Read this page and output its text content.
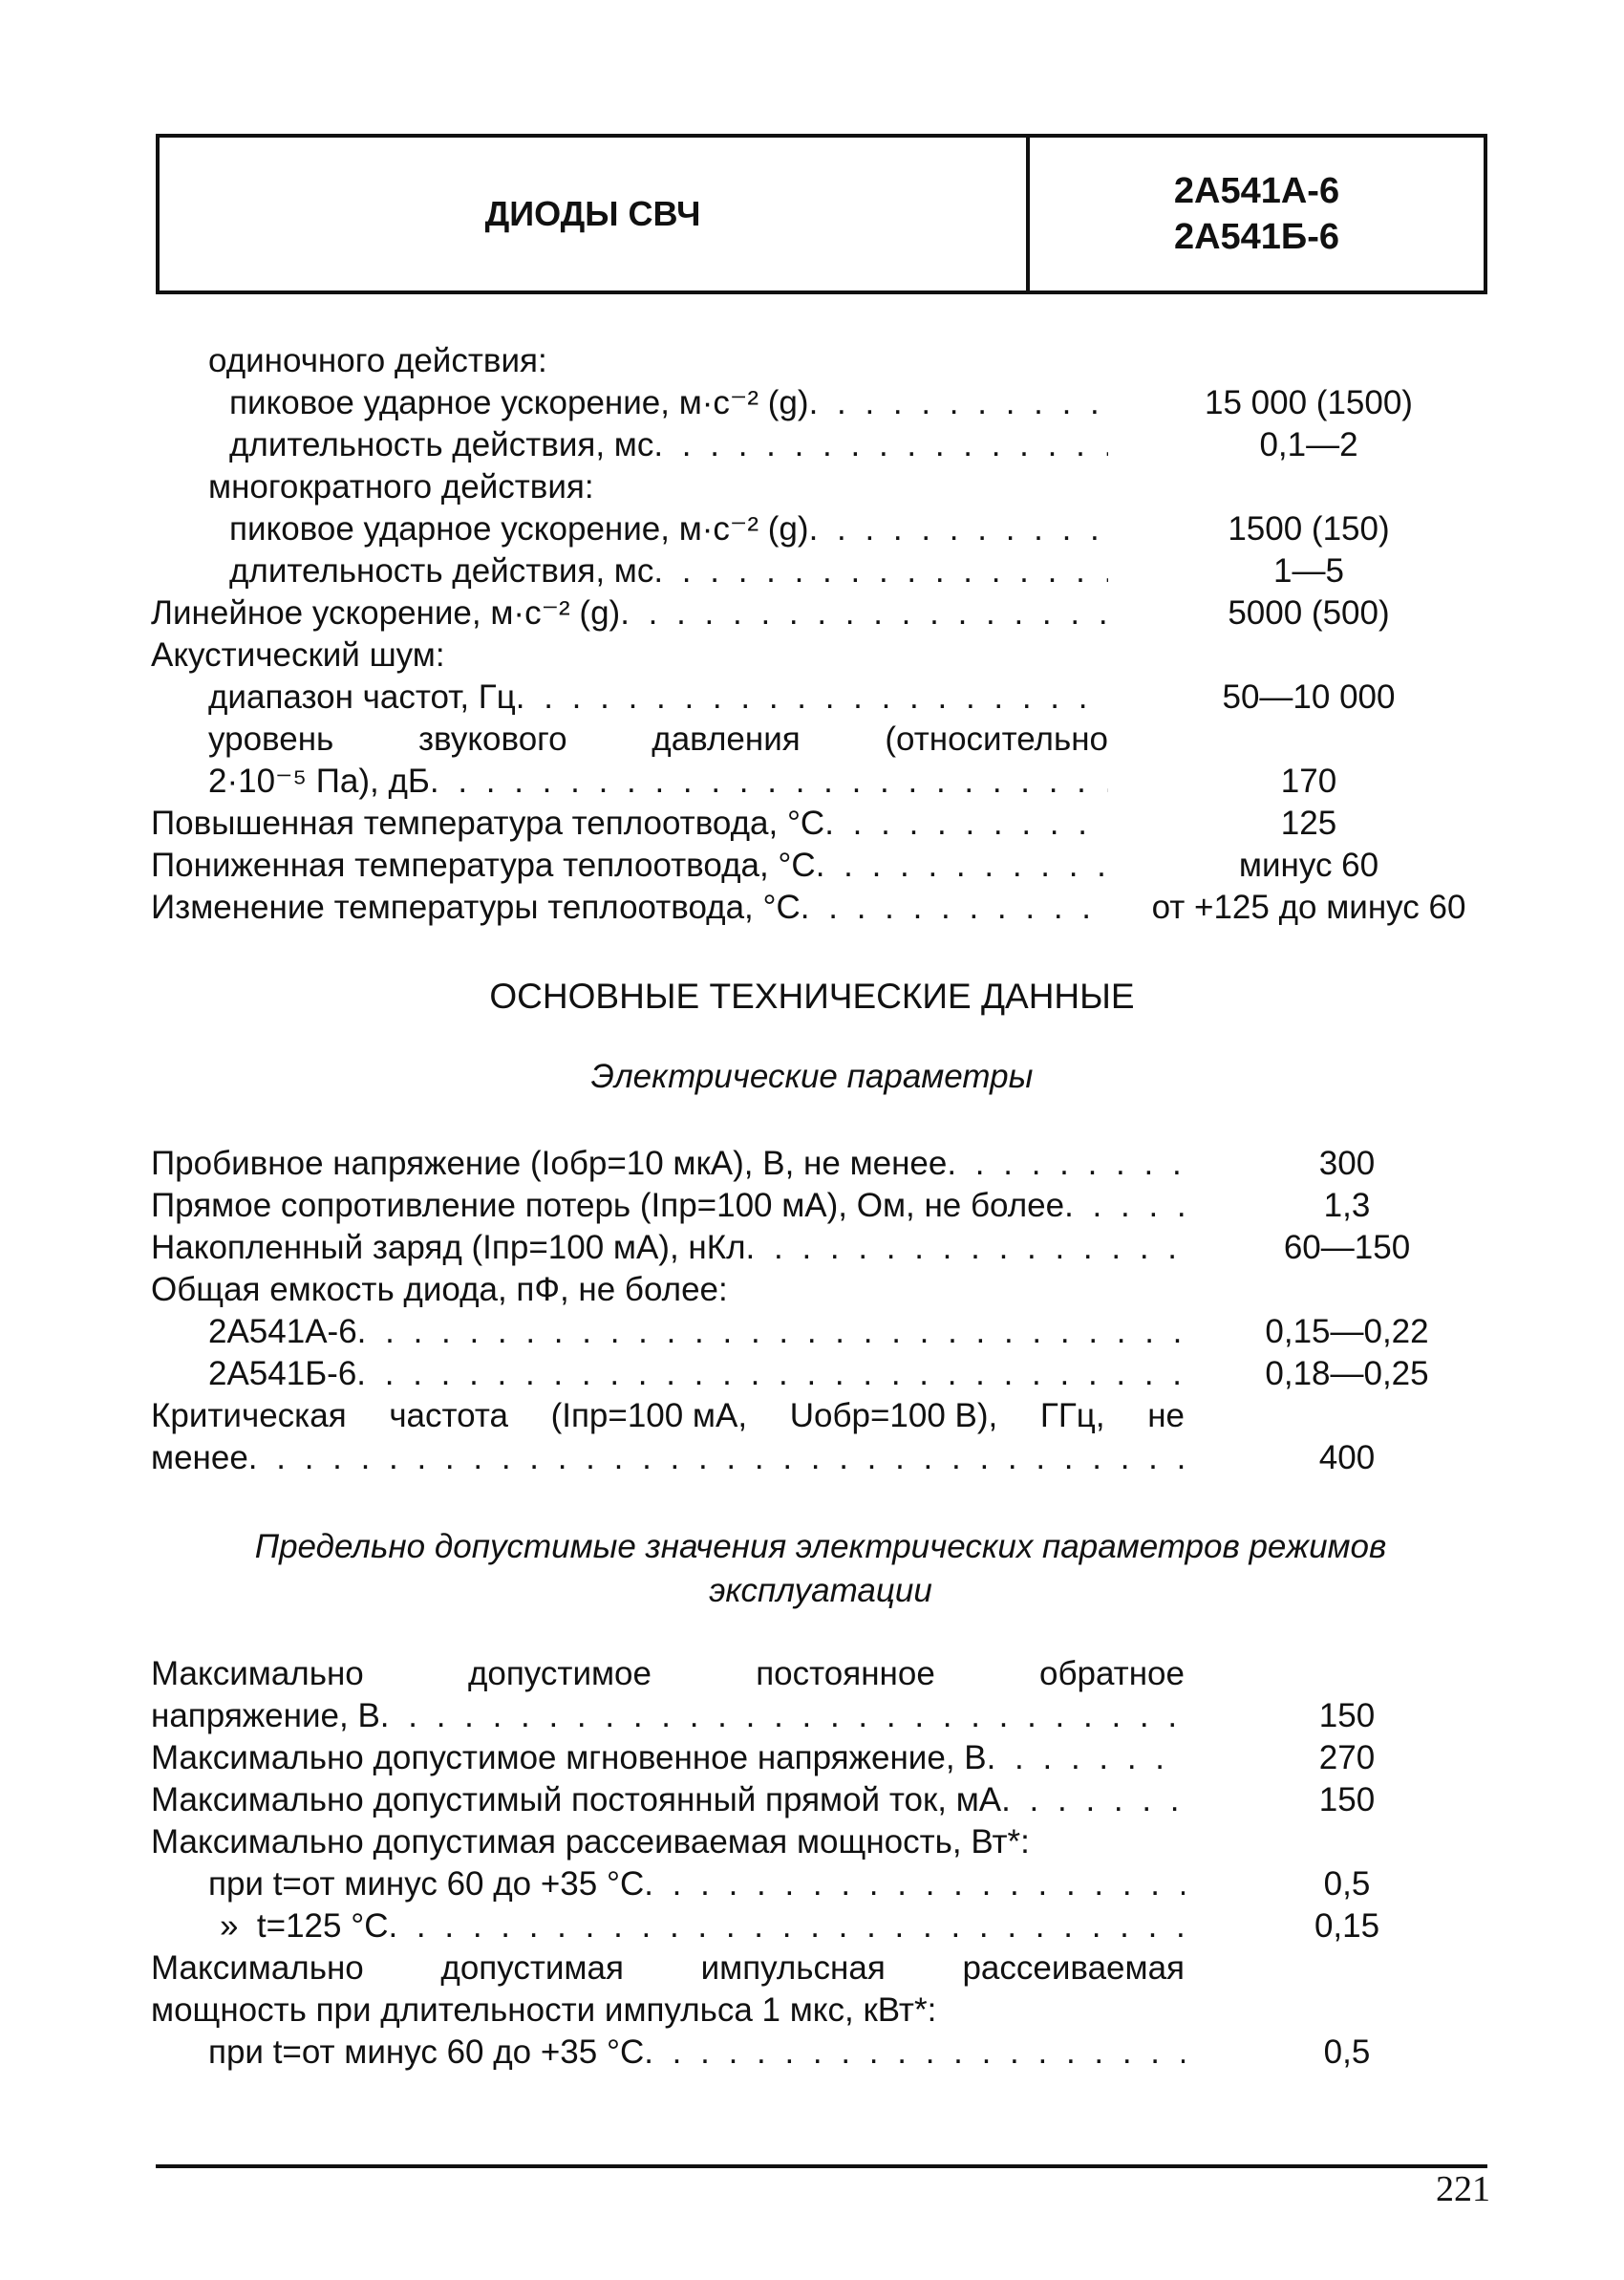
ДИОДЫ СВЧ
2А541А-6
2А541Б-6
одиночного действия:
пиковое ударное ускорение, м·с⁻² (g) . . .	15 000 (1500)
длительность действия, мс . . .	0,1—2
многократного действия:
пиковое ударное ускорение, м·с⁻² (g) . . .	1500 (150)
длительность действия, мс . . .	1—5
Линейное ускорение, м·с⁻² (g) . . .	5000 (500)
Акустический шум:
диапазон частот, Гц . . .	50—10 000
уровень	звукового	давления	(относительно
2·10⁻⁵ Па), дБ . . .	170
Повышенная температура теплоотвода, °С . . .	125
Пониженная температура теплоотвода, °С . . .	минус 60
Изменение температуры теплоотвода, °С . . .	от +125 до минус 60
ОСНОВНЫЕ ТЕХНИЧЕСКИЕ ДАННЫЕ
Электрические параметры
Пробивное напряжение (Iобр=10 мкА), В, не менее . . .	300
Прямое сопротивление потерь (Iпр=100 мА), Ом, не более . . .	1,3
Накопленный заряд (Iпр=100 мА), нКл . . .	60—150
Общая емкость диода, пФ, не более:
2А541А-6 . . .	0,15—0,22
2А541Б-6 . . .	0,18—0,25
Критическая частота (Iпр=100 мА, Uобр=100 В), ГГц, не
менее . . .	400
Предельно допустимые значения электрических параметров режимов
эксплуатации
Максимально	допустимое	постоянное	обратное
напряжение, В . . .	150
Максимально допустимое мгновенное напряжение, В . . .	270
Максимально допустимый постоянный прямой ток, мА . . .	150
Максимально допустимая рассеиваемая мощность, Вт*:
при t=от минус 60 до +35 °С . . .	0,5
»  t=125 °С . . .	0,15
Максимально допустимая импульсная рассеиваемая
мощность при длительности импульса 1 мкс, кВт*:
при t=от минус 60 до +35 °С . . .	0,5
221
